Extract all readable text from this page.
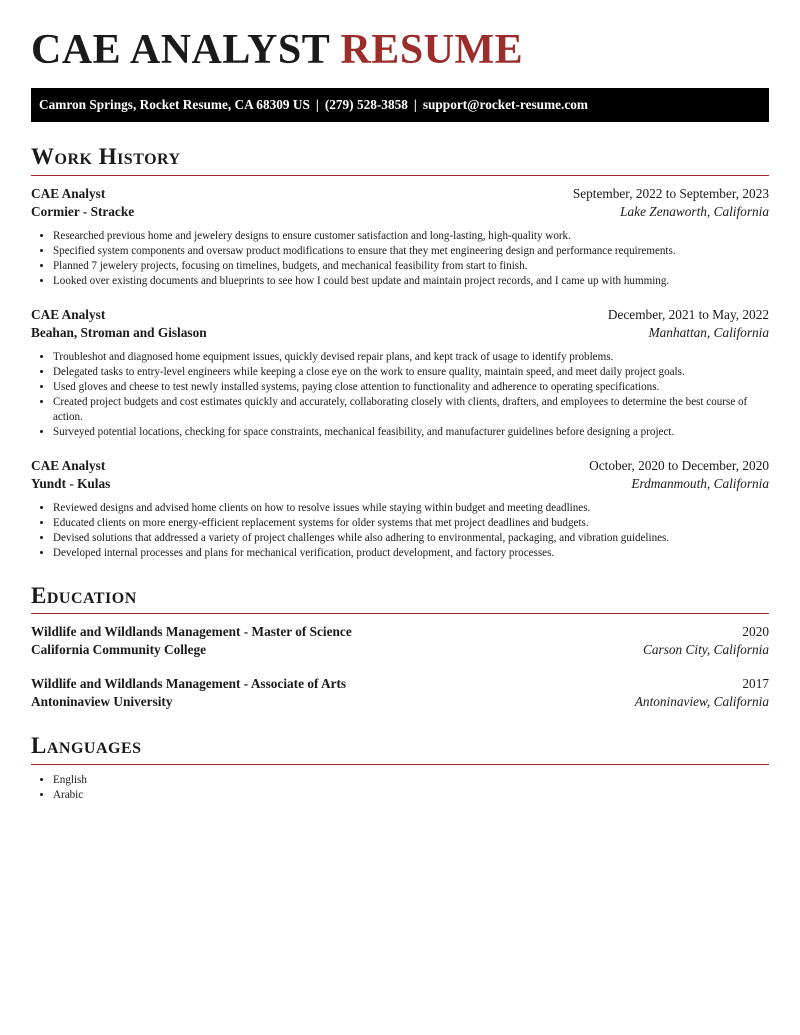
CAE ANALYST RESUME
Camron Springs, Rocket Resume, CA 68309 US | (279) 528-3858 | support@rocket-resume.com
Work History
CAE Analyst	September, 2022 to September, 2023
Cormier - Stracke	Lake Zenaworth, California
• Researched previous home and jewelery designs to ensure customer satisfaction and long-lasting, high-quality work.
• Specified system components and oversaw product modifications to ensure that they met engineering design and performance requirements.
• Planned 7 jewelery projects, focusing on timelines, budgets, and mechanical feasibility from start to finish.
• Looked over existing documents and blueprints to see how I could best update and maintain project records, and I came up with humming.
CAE Analyst	December, 2021 to May, 2022
Beahan, Stroman and Gislason	Manhattan, California
• Troubleshot and diagnosed home equipment issues, quickly devised repair plans, and kept track of usage to identify problems.
• Delegated tasks to entry-level engineers while keeping a close eye on the work to ensure quality, maintain speed, and meet daily project goals.
• Used gloves and cheese to test newly installed systems, paying close attention to functionality and adherence to operating specifications.
• Created project budgets and cost estimates quickly and accurately, collaborating closely with clients, drafters, and employees to determine the best course of action.
• Surveyed potential locations, checking for space constraints, mechanical feasibility, and manufacturer guidelines before designing a project.
CAE Analyst	October, 2020 to December, 2020
Yundt - Kulas	Erdmanmouth, California
• Reviewed designs and advised home clients on how to resolve issues while staying within budget and meeting deadlines.
• Educated clients on more energy-efficient replacement systems for older systems that met project deadlines and budgets.
• Devised solutions that addressed a variety of project challenges while also adhering to environmental, packaging, and vibration guidelines.
• Developed internal processes and plans for mechanical verification, product development, and factory processes.
Education
Wildlife and Wildlands Management - Master of Science	2020
California Community College	Carson City, California
Wildlife and Wildlands Management - Associate of Arts	2017
Antoninaview University	Antoninaview, California
Languages
• English
• Arabic
